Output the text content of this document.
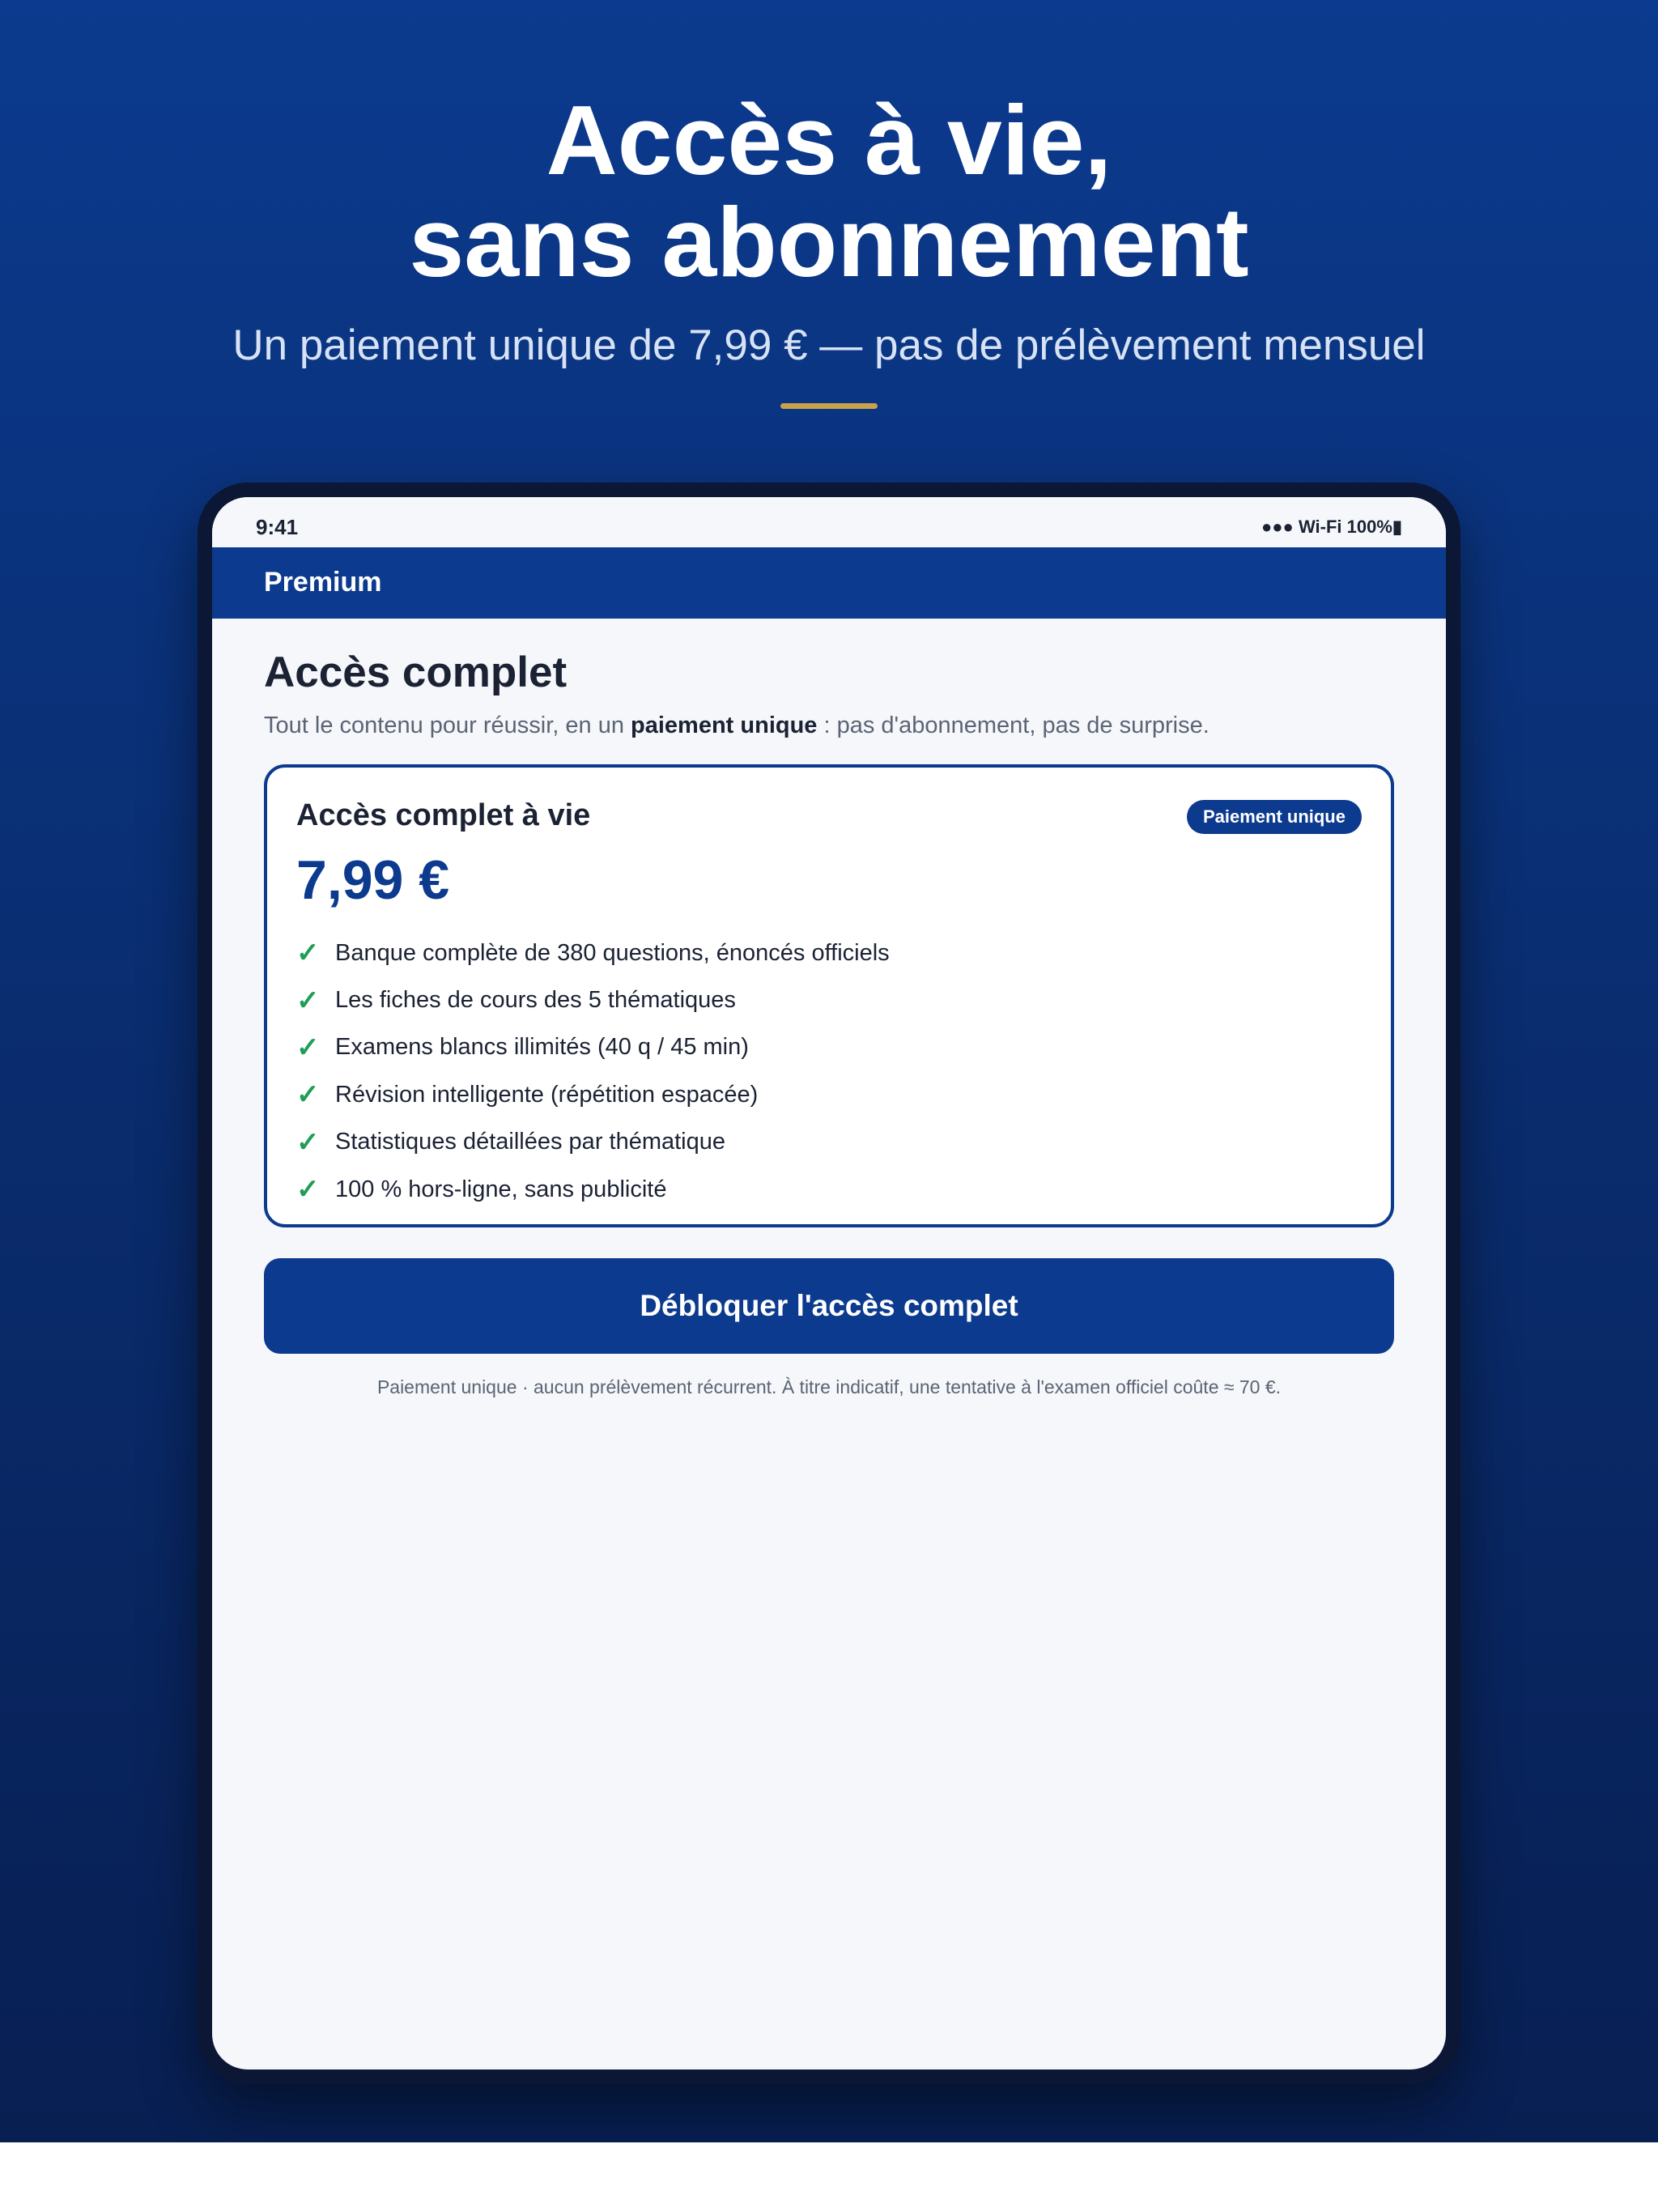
Accès à vie,
sans abonnement

Un paiement unique de 7,99 € — pas de prélèvement mensuel

9:41	●●● Wi-Fi 100%▮
Premium
Accès complet

Tout le contenu pour réussir, en un paiement unique : pas d'abonnement, pas de surprise.

Accès complet à vie	Paiement unique
7,99 €
✓ Banque complète de 380 questions, énoncés officiels
✓ Les fiches de cours des 5 thématiques
✓ Examens blancs illimités (40 q / 45 min)
✓ Révision intelligente (répétition espacée)
✓ Statistiques détaillées par thématique
✓ 100 % hors-ligne, sans publicité
Débloquer l'accès complet

Paiement unique · aucun prélèvement récurrent. À titre indicatif, une tentative à l'examen officiel coûte ≈ 70 €.
